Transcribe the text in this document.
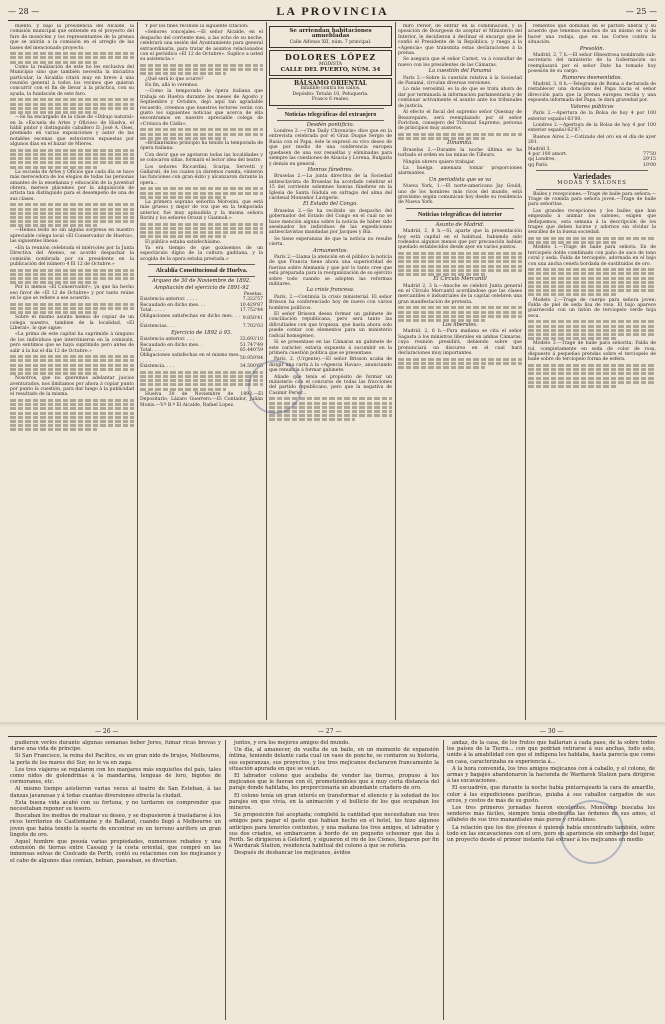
— 28 —	LA PROVINCIA	— 25 —

miento, y bajo la presidencia del Alcalde, la comisión municipal que entiende en el proyecto del faro de monóclex y los representantes de la prensa que se unirán a la comisión en el arreglo de las bases del mencionado proyecto.

Como la realización de este no les exclusiva del Municipio sino que también necesita la iniciativa particular, la Alcaldía citará muy en breve á una reunión general á todos los vecinos que quieran concurrir con el fin de llevar á la práctica, con su ayuda, la fundación de este faro.

—Se ha encargado de la clase de «Dibujo natural» en la «Escuela de Artes y Oficios» de Huelva, el hábil pintor y distinguido caballero D. José A. Oses, premiado en varias exposiciones y autor de las notables escenas que estuvieron expuestas por algunos días en el bazar de Mieres.

La escuela de Artes y Oficios que cada día se hace más merecedora de los elogios de todas las personas amantes de la enseñanza y educación de la juventud obrera, merece plácemes por la adquisición de artista tan distinguido para el desempeño de una de sus clases.

—Hemos leído no sin alguna sorpresa en nuestro apreciable colega local «El Conservador de Huelva», las siguientes líneas:

«En la reunión celebrada el miércoles por la Junta Directiva del Ateneo, se acordó despachar la comisión nombrada por su presidente en la publicación del número 4 El 12 de Octubre.»

Por lo menos «El Conservador», ya que ha hecho eso favor de «El 12 de Octubre» y por tanto reúne en lo que se refiere a ese acuerdo.

Sobre el mismo asunto hemos de copiar de un colega nuestro, tambien de la localidad, «El Liberal», lo que sigue:

«La prima de este capital ha suprimido á ninguno de los individuos que intervinieron en la comisión, pero sentimos que se haya suprimido pero antes de salir á la luz el día 12 de Octubre.»

Nosotros, que no queremos adelantar juicios aventurados, nos limitamos por ahora á copiar punto por punto la cuestión, para dar luego á la publicidad el resultado de la misma.

Y por los fines recibido la siguiente citación:

«Señores concejales.—El señor Alcalde, en el despacho del corriente mes, a las ocho de su noche, celebrará una sesión del Ayuntamiento para general extraordinaria, para tratar de asuntos relacionados con el periódico «El 12 de Octubre». Suplico a usted su asistencia.»

¿Qué será lo que ocurre?

En fin, allá lo veremos.

—Como la temporada de ópera italiana que trabaja en Huelva durante los meses de Agosto y Septiembre y Octubre, dejó aquí tan agradable recuerdo, creemos que nuestros lectores verán con gusto los siguientes noticias que acerca de ella encontramos en nuestro apreciable colega de «Crónica de Cádiz».

«Brillantísimo principio ha tenido la temporada de ópera italiana.

Con decir que se agotaron todas las localidades y se colocaron sillas, formará el lector idea del teatro.

Los señores Riccardini, Scarpa, Servetti y Gallarati, de los cuales ya daremos cuenta, vinieron las funciones con gran éxito y alcanzaron durante la opera...

La primera soprano señorita Morosini, que está más grueso y mejor de voz que en la temporada anterior, fué muy aplaudida y la misma señora Rorini y los señores Orozzi y Giannoli.»

El público estaba satisfechísimo.

Ya era tiempo de que gozásemos de un espectáculo digno de la cultura gaditana, y la acogida de la opera estaba prestada.»

Alcaldía Constitucional de Huelva.
Arqueo de 30 de Noviembre de 1892.
Ampliación del ejercicio de 1891-92
Pesetas.
Existencia anterior. . . . .	7.322'57
Recaudado en dicho mes. . .	10.429'87
Total. . . . .	17.752'44
Obligaciones satisfechas en dicho mes. . . . .	9.850'41
Existencias. . . .	7.702'03
Ejercicio de 1892 á 93.
Existencia anterior. . . .	33.693'10
Recaudado en dicho mes. .	51.747'49
Total. . . . .	85.440'59
Obligaciones satisfechas en el mismo mes. . . . .	50.959'84
Existencia. . . .	34.500'65

Huelva 30 de Noviembre de 1892.—El Depositario, Lázaro Guerrero.—El Contador, Julián Monis.—V.º B.º El Alcalde, Rafael Lopez.

Se arriendan habitaciones amuebladas
Calle Alfonso XII, núm. 7 principal.
DOLORES LÓPEZ
MODISTA
CALLE DEL PUERTO, NÚM. 34
BÁLSAMO ORIENTAL
Infalible contra los callos.
Depósito: Tetuán 10, Peluquería.
Frasco 6 reales.
Noticias telegráficas del extranjero
Desdén pontificio.

Londres 2.—«The Daily Chronicle» dice que en la entrevista celebrada por el Gran Duque Sergio de Rusia con el Papa, éste le expresó su vivo deseo de que por medio de una conferencia europea quedasen de una vez resueltas y eliminadas para siempre las cuestiones de Alsacia y Lorena, Bulgaria y demás en general.

Honras fúnebres.

Bruselas 2.—La junta directiva de la Sociedad antiesclavista de Bruselas ha acordado celebrar el 15 del corriente solemnes honras fúnebres en la Iglesia de Santa Gúdula en sufragio del alma del cardenal Monseñor Lavigerie.

El Estado del Congo.

Bruselas 2.—Se ha recibido un despacho del gobernador del Estado del Congo en el cual no se hace mención alguna sobre la noticia de haber sido asesinados los individuos de las expediciones antiesclavistas mandadas por Jacques y Bia.

Se tiene esperanzas de que la noticia no resulte cierta.

Armamentos.

París 2.—Llama la atención en el público la noticia de que Francia tiene ahora una superioridad de fuerzas sobre Alemania y que por lo tanto cree que está preparada para la reorganización de su ejército sobre todo cuando se adopten las reformas militares.

La crisis francesa.

París, 2.—Continúa la crisis ministerial. El señor Brisson ha conferenciado hoy de nuevo con varios hombres políticos.

El señor Brisson desea formar un gabinete de conciliación republicana, pero será tanto las dificultades con que tropieza, que hasta ahora solo puede contar con elementos para un ministerio radical homogéneo.

Si se presentase en las Cámaras un gabinete de este carácter, estaría expuesto á sucumbir en la primera cuestión política que se presentase.

París, 2. (Urgente).—El señor Brisson acaba de dirigir una carta á la «Agencia Havas», anunciando que renuncia á formar gabinete.

Añade que tenía el propósito de formar un ministerio con el concurso de todas las fracciones del partido republicano, pero que la negativa de Casimir Perier...

miro Perier, de entrar en la combinación, y la oposición de Bourgeois de aceptar el Ministerio del Interior, le decidieron á declinar el encargo que le confió el Presidente de la República, y ruega á la «Agencia» que transmita estas declaraciones á la prensa.

Se asegura que el señor Carnot, va á consultar de nuevo con los presidentes de las Cámaras.

La cuestión del Panamá

París 2.—Sobre la cuestión relativa á la Sociedad de Panamá, circulan diversas versiones.

Lo más verosímil, es la de que se trata ahora de dar por terminada la información parlamentaria y de continuar activamente el asunto ante los tribunales de justicia.

Al efecto el fiscal del supremo señor Quesnay de Beaurepaire, será reemplazado por el señor Forichon, consejero del Tribunal Supremo, persona de principios muy austeros.

Dinamita.

Bruselas 2.—Durante la noche última se ha turbado el orden en las minas de Tilleurs.

Ningún obrero quiere trabajar.

La huelga amenaza tomar proporciones alarmantes.

Un periodista que se va

Nueva York, 1.—El norte-americano Jay Gould, uno de los hombres más ricos del mundo, está gravísimo según comunican hoy desde su residencia de Nueva York.

Noticias telegráficas del interior
Asunto de Madrid.

Madrid, 2, 8 h.—Sí, aparte que la presentación hoy está capital en el habitual, habiendo sido rodeados algunos menos que por precaución habían quedado establecidos desde ayer en varios puntos.

El Círculo Mercantil

Madrid 2, 3 h.—Anoche se celebró Junta general en el Círculo Mercantil acordándose que las clases mercantiles é industriales de la capital celebren una gran manifestación de protesta.

Los liberales.

Madrid, 2, 6 h.—Para mañana se cita el señor Sagasta á los ministros liberales en ambas Cámaras, cuya reunión presidirá, debiendo sobre que pronunciará un discurso en el cual hará declaraciones muy importantes.

rementos que dominan en el partido liberal y su acuerdo que tenemos muchos de un mismo en sí de hacer una rodaja, que en las Cortes contra la situación.

Presolón.

Madrid, 2, 7 h.—El señor Hinestrosa nombrado sub-secretario del ministerio de la Gobernación no reemplazará por el señor Dato ha tomado hoy posesión de su cargo.

Rumores desmentidos.

Madrid, 3, 8 h.—Telegrama de Roma a declarada de restablecer una dotación del Papa hacia el señor dirección para que la prensa europea reciba y una espuesta informada del Papa, le dará gravedad por.

Valores públicos

París 2.—Apertura de la Bolsa de hoy 4 por 100 exterior español 63'00.

Londres 2.—Apertura de la Bolsa de hoy 4 por 100 exterior español 62'87.

Buenos Aires 2.—Cotizado del oro en el día de ayer 281.

Madrid 3.	
4 por 100 amort.	77'50
qq Londres,	29'15
qq París.	10'00
Variedades
MODAS Y SALONES

Bailes y recepciones.—Trage de baile para señora.—Trage de comida para señora joven.—Trage de baile para señoritas.

Las grandes recepciones y los bailes que han empezado á animar los salones, exigen que dediquemos, esta semana á la descripción de los trages que deben lucirse y adornos sin olvidar la sencillez de la buena sociedad.

Modelo 1.—Trage de baile para señora: En de terciopelo doble combinado con paño de saco de tono coral y seda. Falda de terciopelo, adornada en el bajo con una ancha cenefa bordada de sustituidas de oro.

Modelo 2.—Trage de cuerpo para señora joven: Falda de piel de seda lisa de rosa. El bajo aparece guarnecido con un listón de terciopelo verde hoja seca.

Modelo 3.—Trage de baile para señorita: Falda de tul, completamente en seda de color de rosa, dispuesto á pequeñas prendas sobre el terciopelo de baile sobre de terciopelo forma de esfera.

— 26 —	— 27 —	— 30 —

pudieron verlos durante algunas semanas beber Jeres, fumar ricas brevas y darse una vida de príncipe.

Si San Francisco, la reina del Pacífico, es un gran nido de brujos, Melbourne, la perla de los mares del Sur, no le va en zaga.

Los tres viajeros se regalaron con los manjares más exquisitos del país, tales como nidos de golondrinas á la mandarina, lenguas de loro, bigotes de cormoranes, etc.

Al mismo tiempo asistieron varias veces al teatro de San Esteban, á las danzas javanesas y á todas cuantas diversiones ofrecía la ciudad.

Esta buena vida acabó con su fortuna, y no tardaron en comprender que necesitaban reponer su tesoro.

Buscaban los medios de realizar su deseo, y se dispusieron á trasladarse á los ricos territorios de Castlemaine y de Ballarat, cuando llegó á Melbourne un joven que habia tenido la suerte de encontrar en un terreno aurífero un gran lingote de oro.

Aquel hombre que poseía varias propiedades, numerosos rebaños y una extensión de tierras entre Cassaig y la costa oriental, que compró en las inmensas selvas de Coolcado de Perth, contó su relaciones con los mejicanos y el cabo de algunos días comían, bebían, paseaban, se divertían.

juntos, y era los mejores amigos del mundo.

Un día, al amanecer, de vuelta de un baile, en un momento de expansión íntima, teniendo delante cada cual un vaso de ponche, se contaron su historia, sus esperanzas, sus proyectos, y los tres mejicanos declararon francamente la situación apurada en que se veían.

El labrador colono que acababa de vender las tierras, propuso á los mejicanos que le fueran con él, prometiéndoles que á muy corta distancia del paraje donde habitaba, les proporcionaría un abundante criadero de oro.

El colono tenía un gran interés en transformar el silencio y la soledad de los parajes en que vivía, en la animación y el bullicio de los que ocupaban los mineros.

Su proposición fué aceptada; completó la cantidad que necesitaban sus tres amigos para pagar el gasto que habían hecho en el hotel, les hizo algunos anticipos para tenerlos contentos, y una mañana los tres amigos, el labrador y sus dos criados, se embarcaron á bordo de un pequeño schooner que iba á Perth. Se dirigieron á Geleford, y siguieron el rio de los Cisnes, llegaron por fin á Wardarak Station, residencia habitual del colono á que se refería.

Después de desbancar los mejicanos, ávidos

andaz, de la casa, de los frutos que hallarían á cada paso, de la sobre todos los países de la Tierra... con que podrían retirarse á sus anchas, todo esto, unido á la amabilidad con que el indígena les hablaba, hasta parecía que como en casa, caracterizaba su experiencia á...

A la hora convenida, los tres amigos mejicanos con á caballo, y el colono, de armas y bagajes abandonaron la hacienda de Wardarok Station para dirigirse á las excavaciones.

El escuadrón, que durante la noche había pintarrajeado la cara de amarillo, color á las expediciones pacíficas, guiaba á sus caballos cargados de sus arcos, y cestos de más de su gusto.

Los tres primeros jornadas fueron excelentes. Monoomp buscaba los senderos más fáciles, siempre tenía obedecida las órdenes de sus amos, el alfabeto de sus tres manantiales más puros y cristalinos.

La relación que los dos jóvenes é quienes había encontrado también, sobre todo en las excavaciones con el oro, pero en apariencia sin embargo del lugar, un proyecto desde el primer instante fué extraer á los mejicanos en medio
